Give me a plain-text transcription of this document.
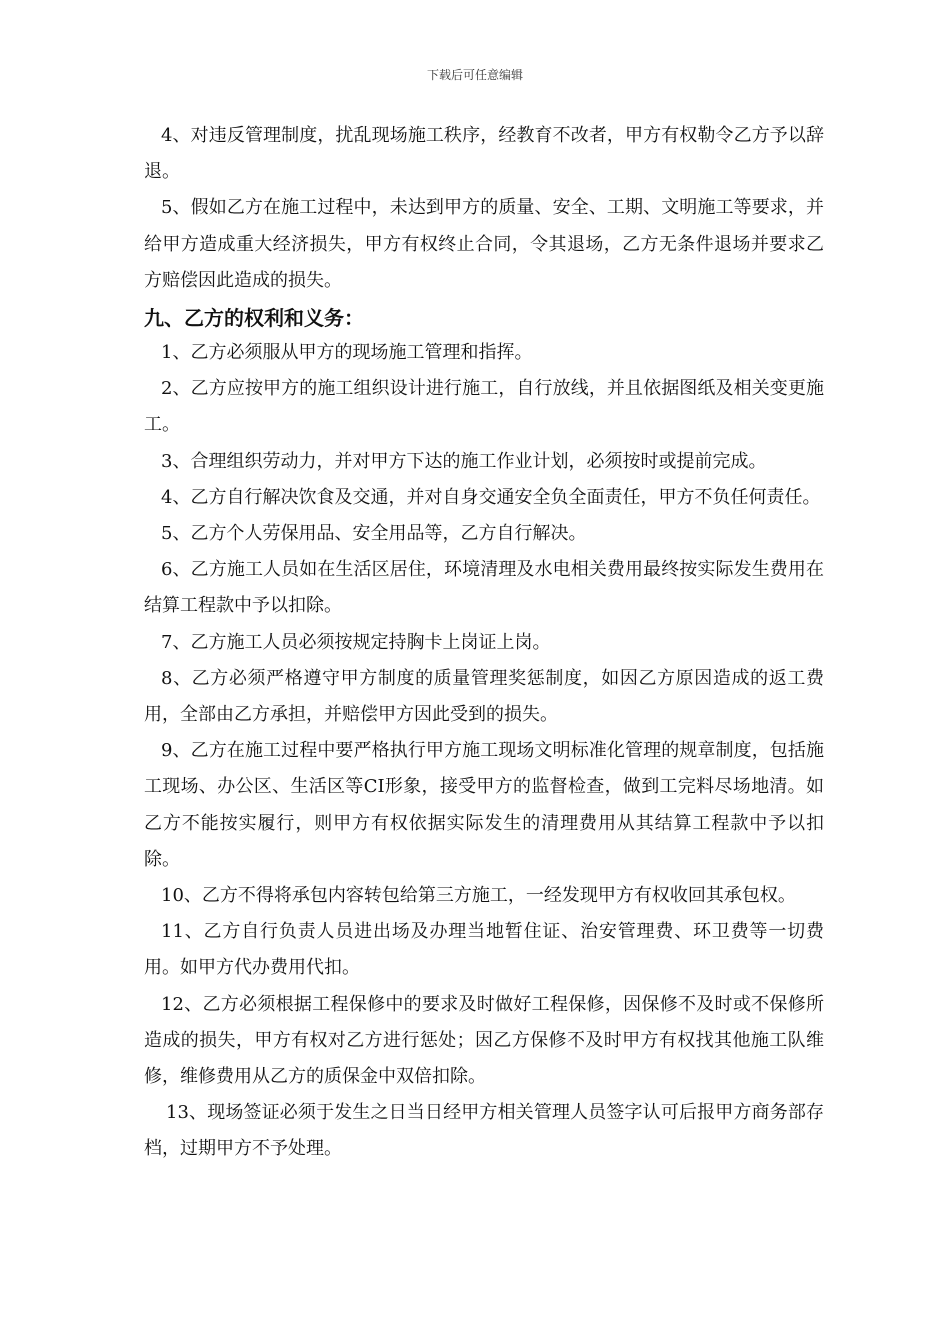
下载后可任意编辑

4、对违反管理制度，扰乱现场施工秩序，经教育不改者，甲方有权勒令乙方予以辞退。

5、假如乙方在施工过程中，未达到甲方的质量、安全、工期、文明施工等要求，并给甲方造成重大经济损失，甲方有权终止合同，令其退场，乙方无条件退场并要求乙方赔偿因此造成的损失。

九、乙方的权利和义务：

1、乙方必须服从甲方的现场施工管理和指挥。

2、乙方应按甲方的施工组织设计进行施工，自行放线，并且依据图纸及相关变更施工。

3、合理组织劳动力，并对甲方下达的施工作业计划，必须按时或提前完成。

4、乙方自行解决饮食及交通，并对自身交通安全负全面责任，甲方不负任何责任。

5、乙方个人劳保用品、安全用品等，乙方自行解决。

6、乙方施工人员如在生活区居住，环境清理及水电相关费用最终按实际发生费用在结算工程款中予以扣除。

7、乙方施工人员必须按规定持胸卡上岗证上岗。

8、乙方必须严格遵守甲方制度的质量管理奖惩制度，如因乙方原因造成的返工费用，全部由乙方承担，并赔偿甲方因此受到的损失。

9、乙方在施工过程中要严格执行甲方施工现场文明标准化管理的规章制度，包括施工现场、办公区、生活区等CI形象，接受甲方的监督检查，做到工完料尽场地清。如乙方不能按实履行，则甲方有权依据实际发生的清理费用从其结算工程款中予以扣除。

10、乙方不得将承包内容转包给第三方施工，一经发现甲方有权收回其承包权。

11、乙方自行负责人员进出场及办理当地暂住证、治安管理费、环卫费等一切费用。如甲方代办费用代扣。

12、乙方必须根据工程保修中的要求及时做好工程保修，因保修不及时或不保修所造成的损失，甲方有权对乙方进行惩处；因乙方保修不及时甲方有权找其他施工队维修，维修费用从乙方的质保金中双倍扣除。

13、现场签证必须于发生之日当日经甲方相关管理人员签字认可后报甲方商务部存档，过期甲方不予处理。
